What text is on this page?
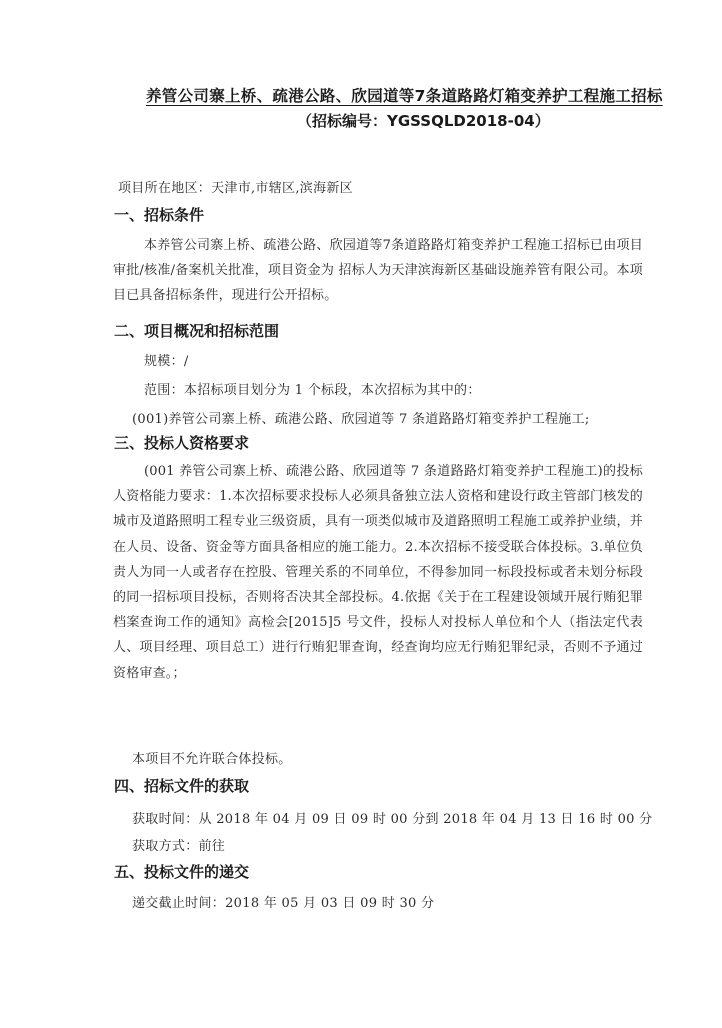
养管公司寨上桥、疏港公路、欣园道等7条道路路灯箱变养护工程施工招标
（招标编号：YGSSQLD2018-04）
项目所在地区：天津市,市辖区,滨海新区
一、招标条件
本养管公司寨上桥、疏港公路、欣园道等7条道路路灯箱变养护工程施工招标已由项目审批/核准/备案机关批准，项目资金为 招标人为天津滨海新区基础设施养管有限公司。本项目已具备招标条件，现进行公开招标。
二、项目概况和招标范围
规模：/
范围：本招标项目划分为 1 个标段，本次招标为其中的：
(001)养管公司寨上桥、疏港公路、欣园道等 7 条道路路灯箱变养护工程施工;
三、投标人资格要求
(001 养管公司寨上桥、疏港公路、欣园道等 7 条道路路灯箱变养护工程施工)的投标人资格能力要求：1.本次招标要求投标人必须具备独立法人资格和建设行政主管部门核发的城市及道路照明工程专业三级资质，具有一项类似城市及道路照明工程施工或养护业绩，并在人员、设备、资金等方面具备相应的施工能力。2.本次招标不接受联合体投标。3.单位负责人为同一人或者存在控股、管理关系的不同单位，不得参加同一标段投标或者未划分标段的同一招标项目投标，否则将否决其全部投标。4.依据《关于在工程建设领域开展行贿犯罪档案查询工作的通知》高检会[2015]5 号文件，投标人对投标人单位和个人（指法定代表人、项目经理、项目总工）进行行贿犯罪查询，经查询均应无行贿犯罪纪录，否则不予通过资格审查。；
本项目不允许联合体投标。
四、招标文件的获取
获取时间：从 2018 年 04 月 09 日 09 时 00 分到 2018 年 04 月 13 日 16 时 00 分
获取方式：前往
五、投标文件的递交
递交截止时间：2018 年 05 月 03 日 09 时 30 分
